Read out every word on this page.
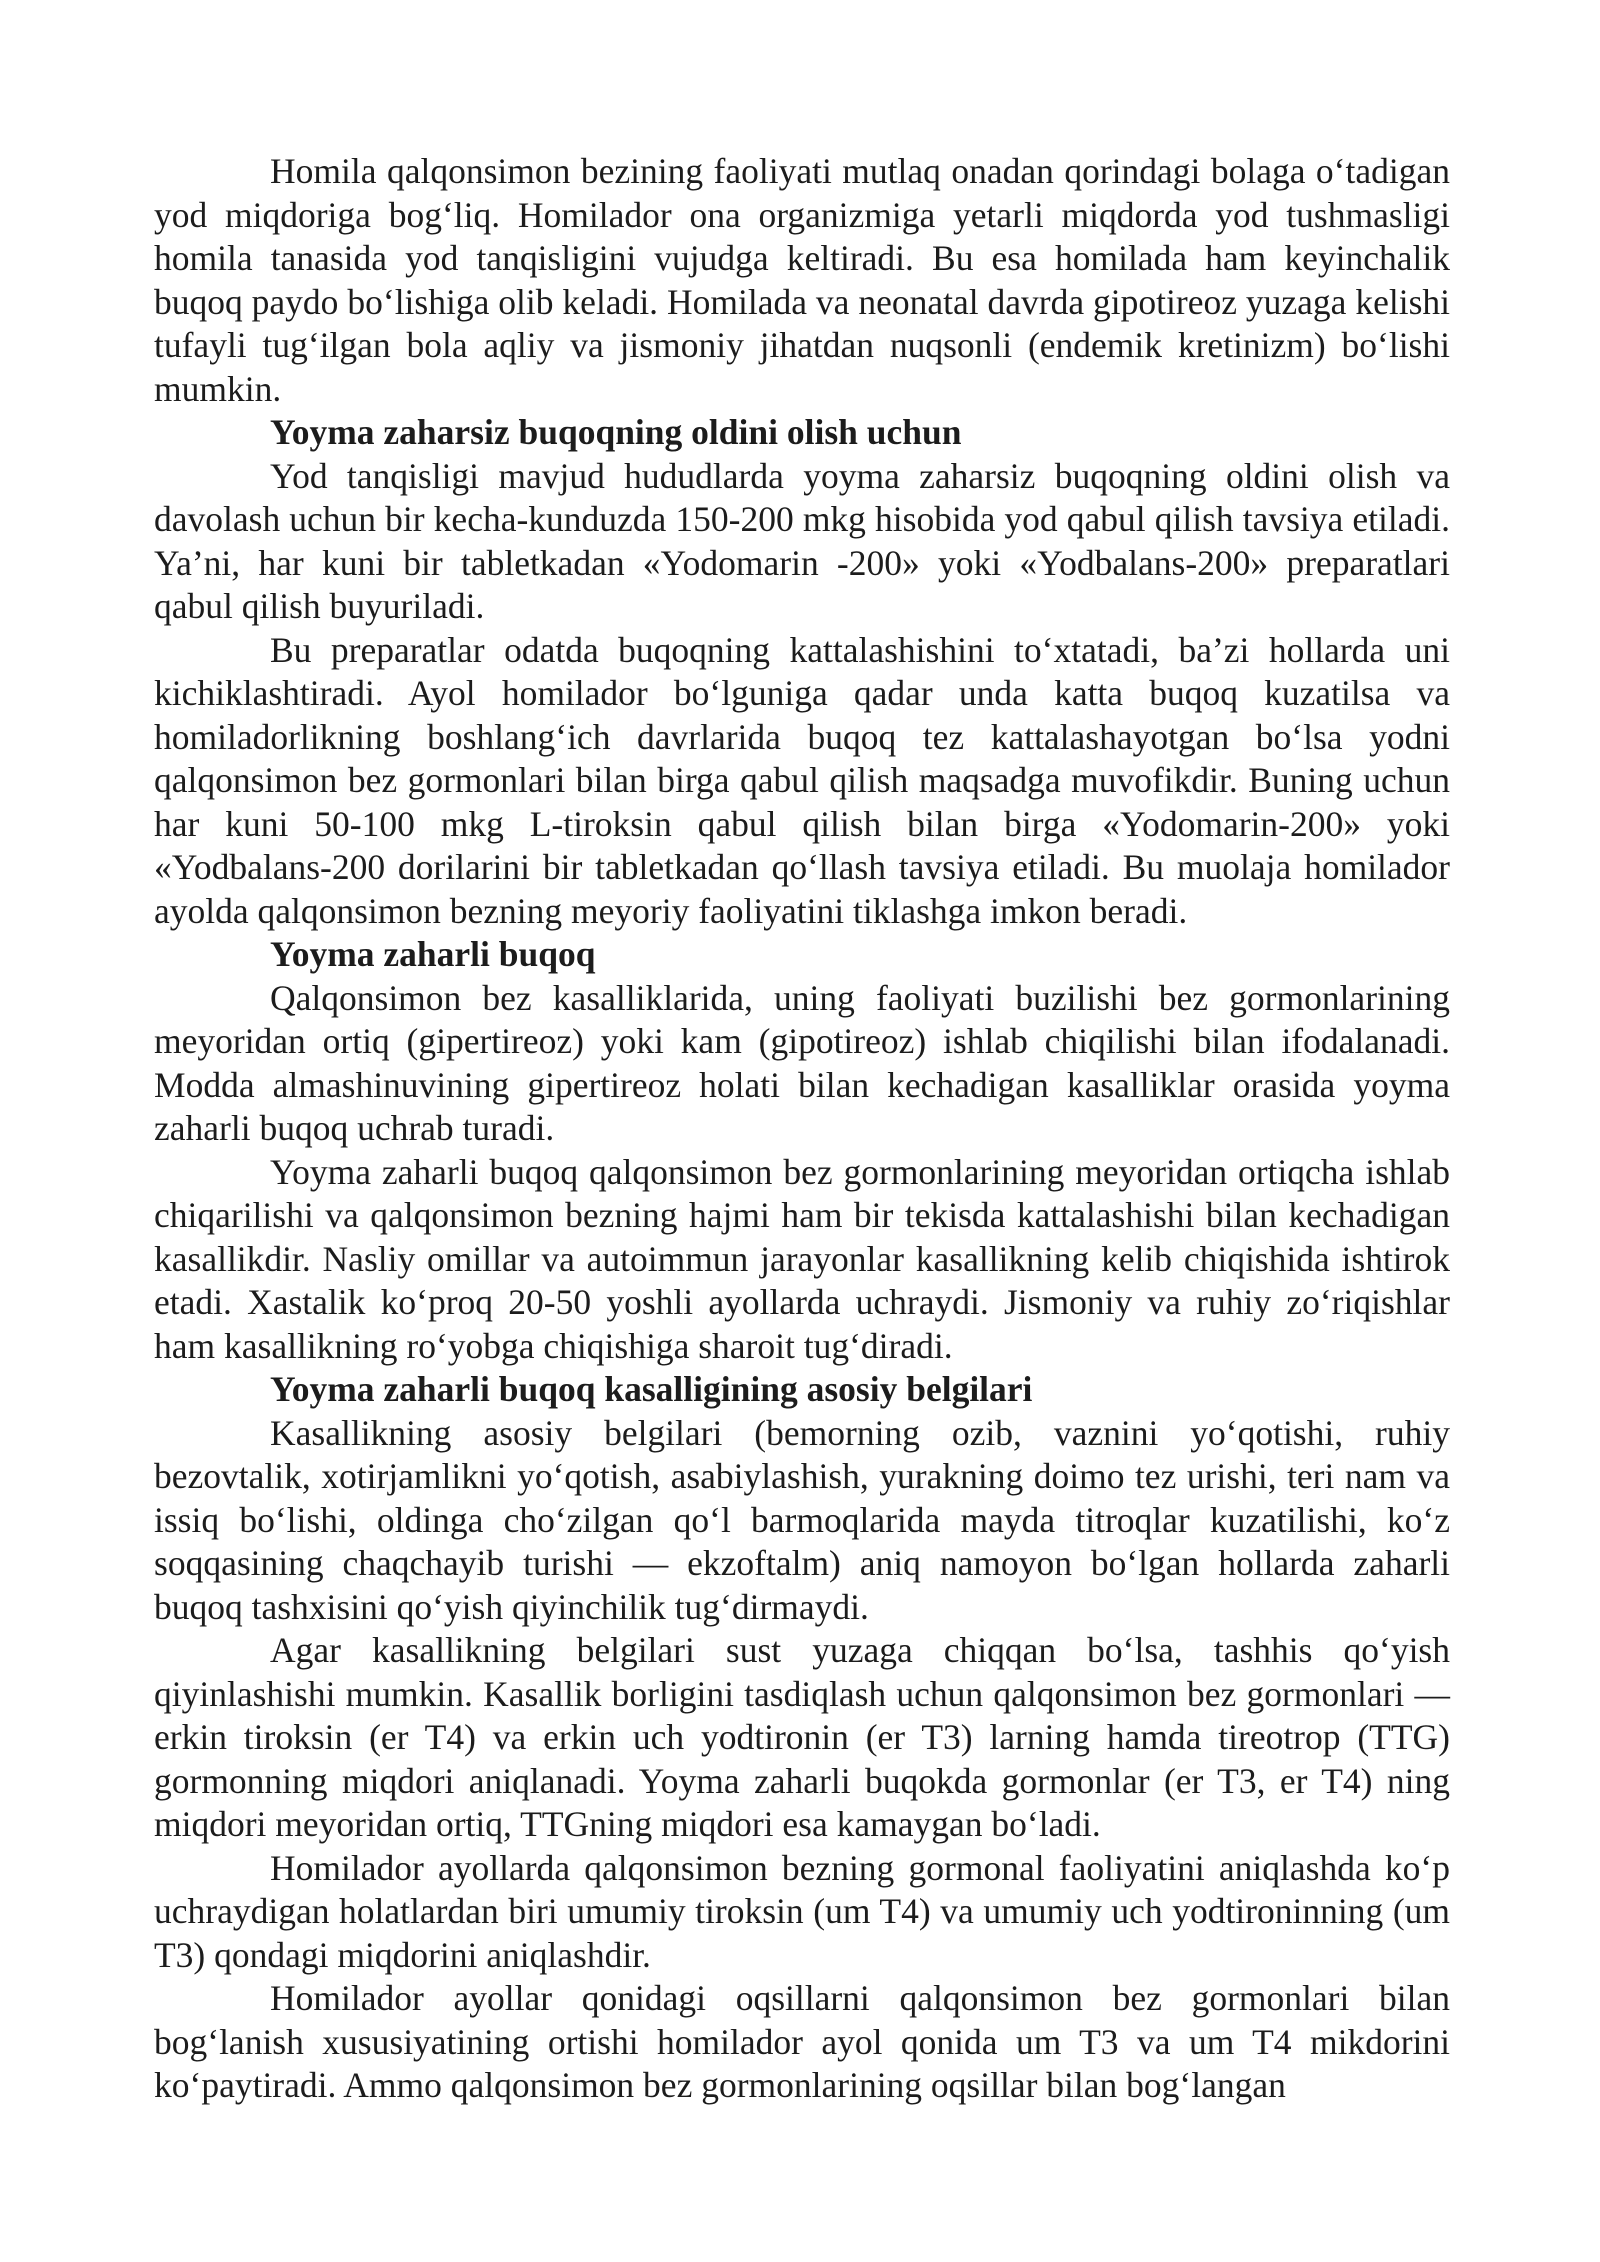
Homila qalqonsimon bezining faoliyati mutlaq onadan qorindagi bolaga o‘tadigan yod miqdoriga bog‘liq. Homilador ona organizmiga yetarli miqdorda yod tushmasligi homila tanasida yod tanqisligini vujudga keltiradi. Bu esa homilada ham keyinchalik buqoq paydo bo‘lishiga olib keladi. Homilada va neonatal davrda gipotireoz yuzaga kelishi tufayli tug‘ilgan bola aqliy va jismoniy jihatdan nuqsonli (endemik kretinizm) bo‘lishi mumkin.

Yoyma zaharsiz buqoqning oldini olish uchun

Yod tanqisligi mavjud hududlarda yoyma zaharsiz buqoqning oldini olish va davolash uchun bir kecha-kunduzda 150-200 mkg hisobida yod qabul qilish tavsiya etiladi. Ya’ni, har kuni bir tabletkadan «Yodomarin -200» yoki «Yodbalans-200» preparatlari qabul qilish buyuriladi.

Bu preparatlar odatda buqoqning kattalashishini to‘xtatadi, ba’zi hollarda uni kichiklashtiradi. Ayol homilador bo‘lguniga qadar unda katta buqoq kuzatilsa va homiladorlikning boshlang‘ich davrlarida buqoq tez kattalashayotgan bo‘lsa yodni qalqonsimon bez gormonlari bilan birga qabul qilish maqsadga muvofikdir. Buning uchun har kuni 50-100 mkg L-tiroksin qabul qilish bilan birga «Yodomarin-200» yoki «Yodbalans-200 dorilarini bir tabletkadan qo‘llash tavsiya etiladi. Bu muolaja homilador ayolda qalqonsimon bezning meyoriy faoliyatini tiklashga imkon beradi.

Yoyma zaharli buqoq

Qalqonsimon bez kasalliklarida, uning faoliyati buzilishi bez gormonlarining meyoridan ortiq (gipertireoz) yoki kam (gipotireoz) ishlab chiqilishi bilan ifodalanadi. Modda almashinuvining gipertireoz holati bilan kechadigan kasalliklar orasida yoyma zaharli buqoq uchrab turadi.

Yoyma zaharli buqoq qalqonsimon bez gormonlarining meyoridan ortiqcha ishlab chiqarilishi va qalqonsimon bezning hajmi ham bir tekisda kattalashishi bilan kechadigan kasallikdir. Nasliy omillar va autoimmun jarayonlar kasallikning kelib chiqishida ishtirok etadi. Xastalik ko‘proq 20-50 yoshli ayollarda uchraydi. Jismoniy va ruhiy zo‘riqishlar ham kasallikning ro‘yobga chiqishiga sharoit tug‘diradi.

Yoyma zaharli buqoq kasalligining asosiy belgilari

Kasallikning asosiy belgilari (bemorning ozib, vaznini yo‘qotishi, ruhiy bezovtalik, xotirjamlikni yo‘qotish, asabiylashish, yurakning doimo tez urishi, teri nam va issiq bo‘lishi, oldinga cho‘zilgan qo‘l barmoqlarida mayda titroqlar kuzatilishi, ko‘z soqqasining chaqchayib turishi — ekzoftalm) aniq namoyon bo‘lgan hollarda zaharli buqoq tashxisini qo‘yish qiyinchilik tug‘dirmaydi.

Agar kasallikning belgilari sust yuzaga chiqqan bo‘lsa, tashhis qo‘yish qiyinlashishi mumkin. Kasallik borligini tasdiqlash uchun qalqonsimon bez gormonlari — erkin tiroksin (er T4) va erkin uch yodtironin (er T3) larning hamda tireotrop (TTG) gormonning miqdori aniqlanadi. Yoyma zaharli buqokda gormonlar (er T3, er T4) ning miqdori meyoridan ortiq, TTGning miqdori esa kamaygan bo‘ladi.

Homilador ayollarda qalqonsimon bezning gormonal faoliyatini aniqlashda ko‘p uchraydigan holatlardan biri umumiy tiroksin (um T4) va umumiy uch yodtironinning (um T3) qondagi miqdorini aniqlashdir.

Homilador ayollar qonidagi oqsillarni qalqonsimon bez gormonlari bilan bog‘lanish xususiyatining ortishi homilador ayol qonida um T3 va um T4 mikdorini ko‘paytiradi. Ammo qalqonsimon bez gormonlarining oqsillar bilan bog‘langan
